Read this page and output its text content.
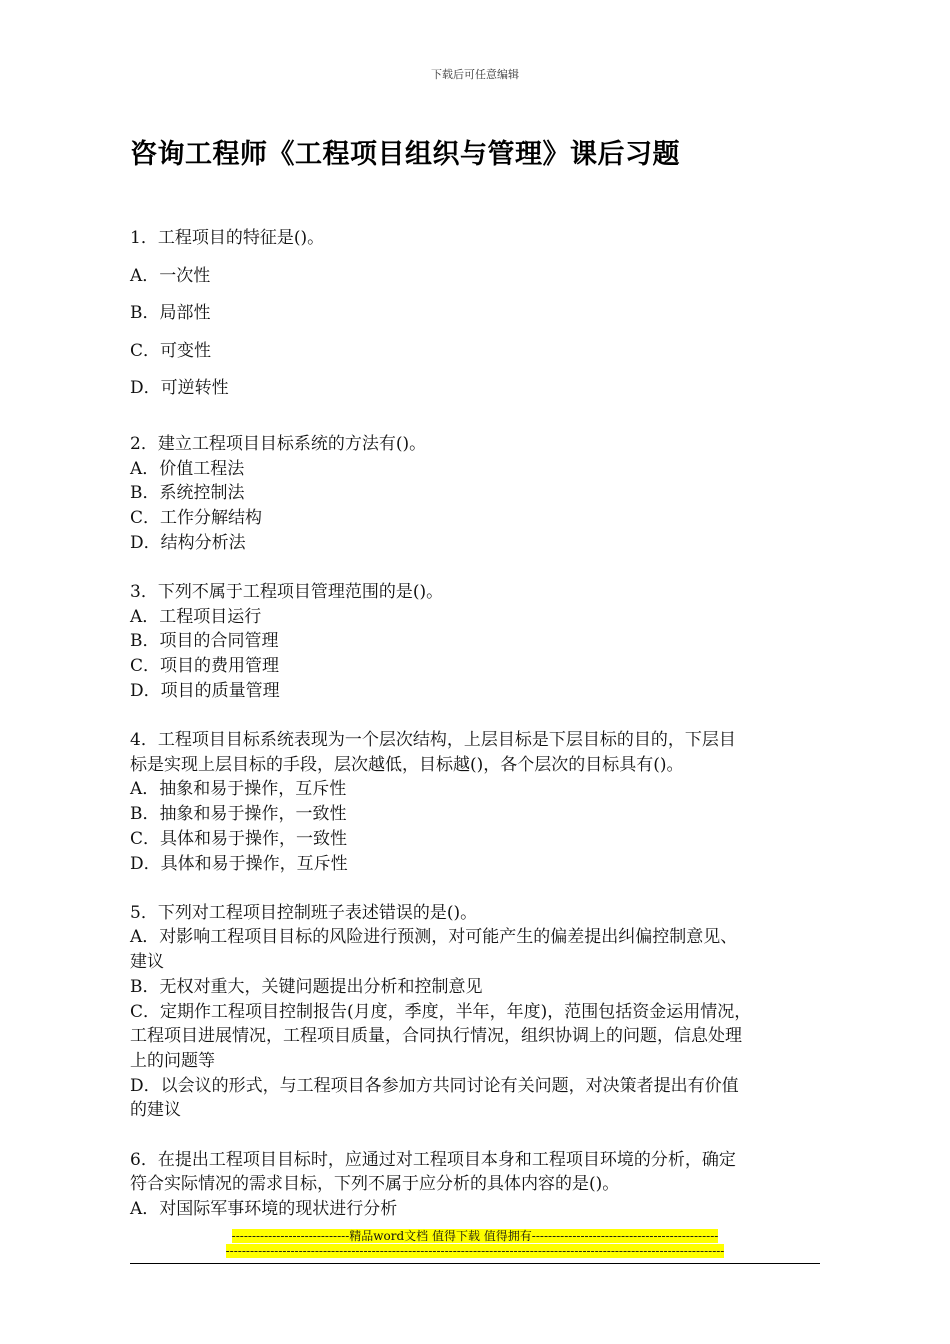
下载后可任意编辑
咨询工程师《工程项目组织与管理》课后习题
1．工程项目的特征是()。
A．一次性
B．局部性
C．可变性
D．可逆转性
2．建立工程项目目标系统的方法有()。
A．价值工程法
B．系统控制法
C．工作分解结构
D．结构分析法
3．下列不属于工程项目管理范围的是()。
A．工程项目运行
B．项目的合同管理
C．项目的费用管理
D．项目的质量管理
4．工程项目目标系统表现为一个层次结构，上层目标是下层目标的目的，下层目
标是实现上层目标的手段，层次越低，目标越()，各个层次的目标具有()。
A．抽象和易于操作，互斥性
B．抽象和易于操作，一致性
C．具体和易于操作，一致性
D．具体和易于操作，互斥性
5．下列对工程项目控制班子表述错误的是()。
A．对影响工程项目目标的风险进行预测，对可能产生的偏差提出纠偏控制意见、
建议
B．无权对重大，关键问题提出分析和控制意见
C．定期作工程项目控制报告(月度，季度，半年，年度)，范围包括资金运用情况，
工程项目进展情况，工程项目质量，合同执行情况，组织协调上的问题，信息处理
上的问题等
D．以会议的形式，与工程项目各参加方共同讨论有关问题，对决策者提出有价值
的建议
6．在提出工程项目目标时，应通过对工程项目本身和工程项目环境的分析，确定
符合实际情况的需求目标，下列不属于应分析的具体内容的是()。
A．对国际军事环境的现状进行分析
-----------------------------精品word文档 值得下载 值得拥有----------------------------------------------
---------------------------------------------------------------------------------------------------------------------------
